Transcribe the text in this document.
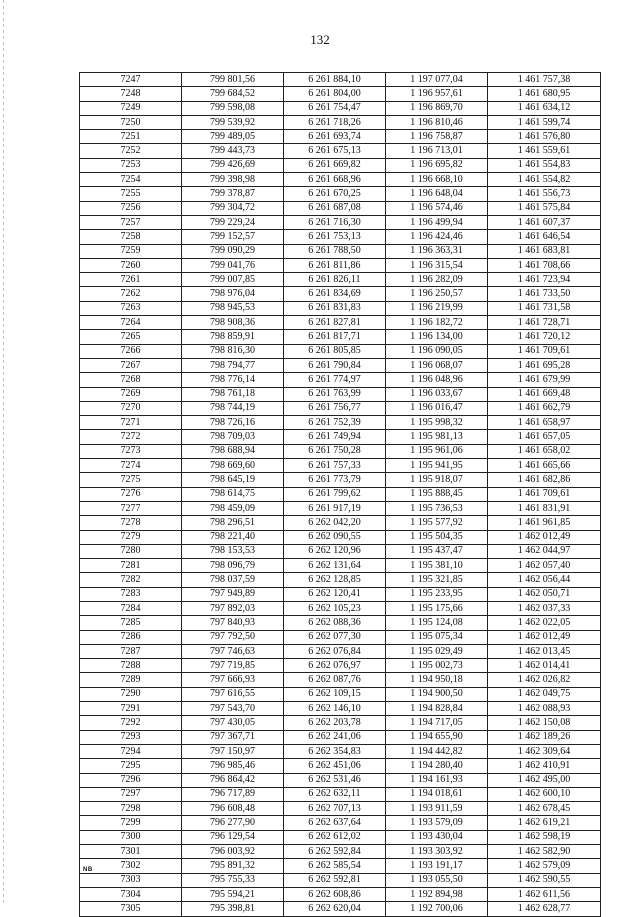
132
7247	799 801,56	6 261 884,10	1 197 077,04	1 461 757,38
7248	799 684,52	6 261 804,00	1 196 957,61	1 461 680,95
7249	799 598,08	6 261 754,47	1 196 869,70	1 461 634,12
7250	799 539,92	6 261 718,26	1 196 810,46	1 461 599,74
7251	799 489,05	6 261 693,74	1 196 758,87	1 461 576,80
7252	799 443,73	6 261 675,13	1 196 713,01	1 461 559,61
7253	799 426,69	6 261 669,82	1 196 695,82	1 461 554,83
7254	799 398,98	6 261 668,96	1 196 668,10	1 461 554,82
7255	799 378,87	6 261 670,25	1 196 648,04	1 461 556,73
7256	799 304,72	6 261 687,08	1 196 574,46	1 461 575,84
7257	799 229,24	6 261 716,30	1 196 499,94	1 461 607,37
7258	799 152,57	6 261 753,13	1 196 424,46	1 461 646,54
7259	799 090,29	6 261 788,50	1 196 363,31	1 461 683,81
7260	799 041,76	6 261 811,86	1 196 315,54	1 461 708,66
7261	799 007,85	6 261 826,11	1 196 282,09	1 461 723,94
7262	798 976,04	6 261 834,69	1 196 250,57	1 461 733,50
7263	798 945,53	6 261 831,83	1 196 219,99	1 461 731,58
7264	798 908,36	6 261 827,81	1 196 182,72	1 461 728,71
7265	798 859,91	6 261 817,71	1 196 134,00	1 461 720,12
7266	798 816,30	6 261 805,85	1 196 090,05	1 461 709,61
7267	798 794,77	6 261 790,84	1 196 068,07	1 461 695,28
7268	798 776,14	6 261 774,97	1 196 048,96	1 461 679,99
7269	798 761,18	6 261 763,99	1 196 033,67	1 461 669,48
7270	798 744,19	6 261 756,77	1 196 016,47	1 461 662,79
7271	798 726,16	6 261 752,39	1 195 998,32	1 461 658,97
7272	798 709,03	6 261 749,94	1 195 981,13	1 461 657,05
7273	798 688,94	6 261 750,28	1 195 961,06	1 461 658,02
7274	798 669,60	6 261 757,33	1 195 941,95	1 461 665,66
7275	798 645,19	6 261 773,79	1 195 918,07	1 461 682,86
7276	798 614,75	6 261 799,62	1 195 888,45	1 461 709,61
7277	798 459,09	6 261 917,19	1 195 736,53	1 461 831,91
7278	798 296,51	6 262 042,20	1 195 577,92	1 461 961,85
7279	798 221,40	6 262 090,55	1 195 504,35	1 462 012,49
7280	798 153,53	6 262 120,96	1 195 437,47	1 462 044,97
7281	798 096,79	6 262 131,64	1 195 381,10	1 462 057,40
7282	798 037,59	6 262 128,85	1 195 321,85	1 462 056,44
7283	797 949,89	6 262 120,41	1 195 233,95	1 462 050,71
7284	797 892,03	6 262 105,23	1 195 175,66	1 462 037,33
7285	797 840,93	6 262 088,36	1 195 124,08	1 462 022,05
7286	797 792,50	6 262 077,30	1 195 075,34	1 462 012,49
7287	797 746,63	6 262 076,84	1 195 029,49	1 462 013,45
7288	797 719,85	6 262 076,97	1 195 002,73	1 462 014,41
7289	797 666,93	6 262 087,76	1 194 950,18	1 462 026,82
7290	797 616,55	6 262 109,15	1 194 900,50	1 462 049,75
7291	797 543,70	6 262 146,10	1 194 828,84	1 462 088,93
7292	797 430,05	6 262 203,78	1 194 717,05	1 462 150,08
7293	797 367,71	6 262 241,06	1 194 655,90	1 462 189,26
7294	797 150,97	6 262 354,83	1 194 442,82	1 462 309,64
7295	796 985,46	6 262 451,06	1 194 280,40	1 462 410,91
7296	796 864,42	6 262 531,46	1 194 161,93	1 462 495,00
7297	796 717,89	6 262 632,11	1 194 018,61	1 462 600,10
7298	796 608,48	6 262 707,13	1 193 911,59	1 462 678,45
7299	796 277,90	6 262 637,64	1 193 579,09	1 462 619,21
7300	796 129,54	6 262 612,02	1 193 430,04	1 462 598,19
7301	796 003,92	6 262 592,84	1 193 303,92	1 462 582,90
7302	795 891,32	6 262 585,54	1 193 191,17	1 462 579,09
7303	795 755,33	6 262 592,81	1 193 055,50	1 462 590,55
7304	795 594,21	6 262 608,86	1 192 894,98	1 462 611,56
7305	795 398,81	6 262 620,04	1 192 700,06	1 462 628,77
NB
